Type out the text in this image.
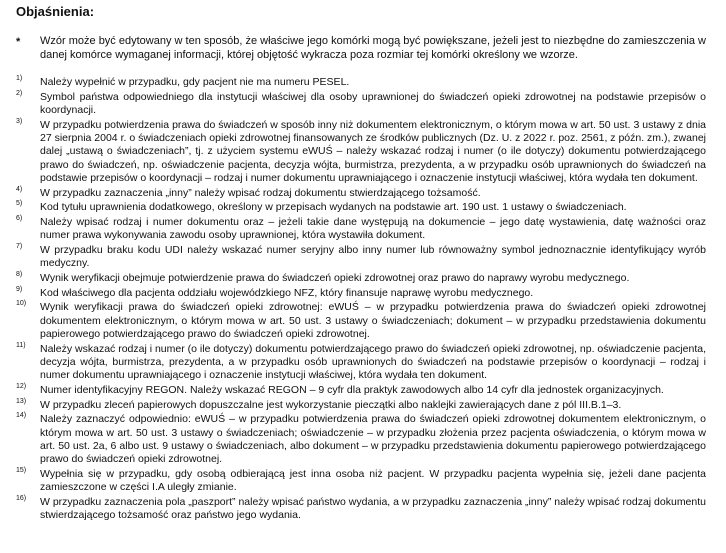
Objaśnienia:
* Wzór może być edytowany w ten sposób, że właściwe jego komórki mogą być powiększane, jeżeli jest to niezbędne do zamieszczenia w danej komórce wymaganej informacji, której objętość wykracza poza rozmiar tej komórki określony we wzorze.
1) Należy wypełnić w przypadku, gdy pacjent nie ma numeru PESEL.
2) Symbol państwa odpowiedniego dla instytucji właściwej dla osoby uprawnionej do świadczeń opieki zdrowotnej na podstawie przepisów o koordynacji.
3) W przypadku potwierdzenia prawa do świadczeń w sposób inny niż dokumentem elektronicznym, o którym mowa w art. 50 ust. 3 ustawy z dnia 27 sierpnia 2004 r. o świadczeniach opieki zdrowotnej finansowanych ze środków publicznych (Dz. U. z 2022 r. poz. 2561, z późn. zm.), zwanej dalej „ustawą o świadczeniach”, tj. z użyciem systemu eWUŚ – należy wskazać rodzaj i numer (o ile dotyczy) dokumentu potwierdzającego prawo do świadczeń, np. oświadczenie pacjenta, decyzja wójta, burmistrza, prezydenta, a w przypadku osób uprawnionych do świadczeń na podstawie przepisów o koordynacji – rodzaj i numer dokumentu uprawniającego i oznaczenie instytucji właściwej, która wydała ten dokument.
4) W przypadku zaznaczenia „inny” należy wpisać rodzaj dokumentu stwierdzającego tożsamość.
5) Kod tytułu uprawnienia dodatkowego, określony w przepisach wydanych na podstawie art. 190 ust. 1 ustawy o świadczeniach.
6) Należy wpisać rodzaj i numer dokumentu oraz – jeżeli takie dane występują na dokumencie – jego datę wystawienia, datę ważności oraz numer prawa wykonywania zawodu osoby uprawnionej, która wystawiła dokument.
7) W przypadku braku kodu UDI należy wskazać numer seryjny albo inny numer lub równoważny symbol jednoznacznie identyfikujący wyrób medyczny.
8) Wynik weryfikacji obejmuje potwierdzenie prawa do świadczeń opieki zdrowotnej oraz prawo do naprawy wyrobu medycznego.
9) Kod właściwego dla pacjenta oddziału wojewódzkiego NFZ, który finansuje naprawę wyrobu medycznego.
10) Wynik weryfikacji prawa do świadczeń opieki zdrowotnej: eWUŚ – w przypadku potwierdzenia prawa do świadczeń opieki zdrowotnej dokumentem elektronicznym, o którym mowa w art. 50 ust. 3 ustawy o świadczeniach; dokument – w przypadku przedstawienia dokumentu papierowego potwierdzającego prawo do świadczeń opieki zdrowotnej.
11) Należy wskazać rodzaj i numer (o ile dotyczy) dokumentu potwierdzającego prawo do świadczeń opieki zdrowotnej, np. oświadczenie pacjenta, decyzja wójta, burmistrza, prezydenta, a w przypadku osób uprawnionych do świadczeń na podstawie przepisów o koordynacji – rodzaj i numer dokumentu uprawniającego i oznaczenie instytucji właściwej, która wydała ten dokument.
12) Numer identyfikacyjny REGON. Należy wskazać REGON – 9 cyfr dla praktyk zawodowych albo 14 cyfr dla jednostek organizacyjnych.
13) W przypadku zleceń papierowych dopuszczalne jest wykorzystanie pieczątki albo naklejki zawierających dane z pól III.B.1–3.
14) Należy zaznaczyć odpowiednio: eWUŚ – w przypadku potwierdzenia prawa do świadczeń opieki zdrowotnej dokumentem elektronicznym, o którym mowa w art. 50 ust. 3 ustawy o świadczeniach; oświadczenie – w przypadku złożenia przez pacjenta oświadczenia, o którym mowa w art. 50 ust. 2a, 6 albo ust. 9 ustawy o świadczeniach, albo dokument – w przypadku przedstawienia dokumentu papierowego potwierdzającego prawo do świadczeń opieki zdrowotnej.
15) Wypełnia się w przypadku, gdy osobą odbierającą jest inna osoba niż pacjent. W przypadku pacjenta wypełnia się, jeżeli dane pacjenta zamieszczone w części I.A uległy zmianie.
16) W przypadku zaznaczenia pola „paszport” należy wpisać państwo wydania, a w przypadku zaznaczenia „inny” należy wpisać rodzaj dokumentu stwierdzającego tożsamość oraz państwo jego wydania.
